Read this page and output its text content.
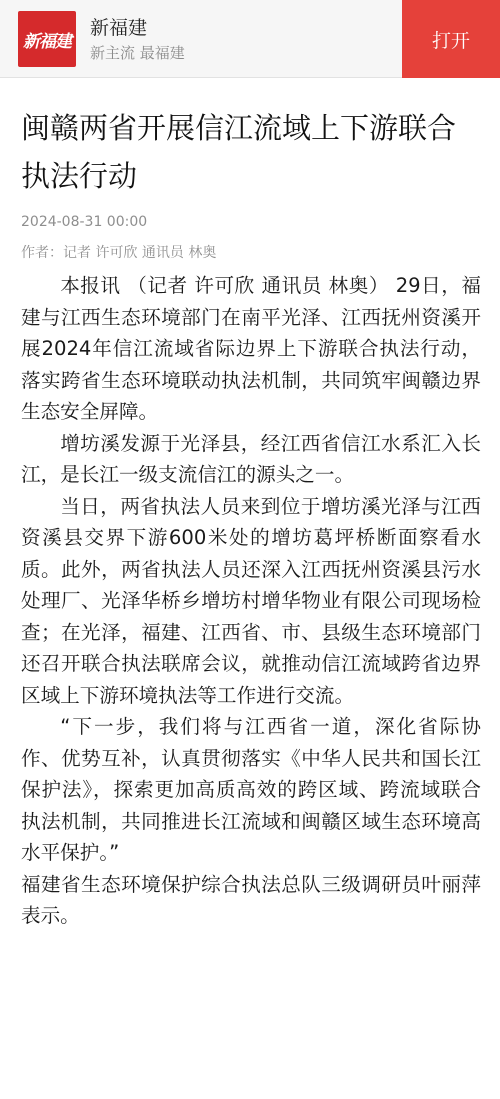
新福建
新福建
新主流 最福建
打开
闽赣两省开展信江流域上下游联合执法行动
2024-08-31 00:00
作者：记者 许可欣 通讯员 林奥

本报讯 （记者 许可欣 通讯员 林奥） 29日，福建与江西生态环境部门在南平光泽、江西抚州资溪开展2024年信江流域省际边界上下游联合执法行动，落实跨省生态环境联动执法机制，共同筑牢闽赣边界生态安全屏障。

增坊溪发源于光泽县，经江西省信江水系汇入长江，是长江一级支流信江的源头之一。

当日，两省执法人员来到位于增坊溪光泽与江西资溪县交界下游600米处的增坊葛坪桥断面察看水质。此外，两省执法人员还深入江西抚州资溪县污水处理厂、光泽华桥乡增坊村增华物业有限公司现场检查；在光泽，福建、江西省、市、县级生态环境部门还召开联合执法联席会议，就推动信江流域跨省边界区域上下游环境执法等工作进行交流。

“下一步，我们将与江西省一道，深化省际协作、优势互补，认真贯彻落实《中华人民共和国长江保护法》，探索更加高质高效的跨区域、跨流域联合执法机制，共同推进长江流域和闽赣区域生态环境高水平保护。”

福建省生态环境保护综合执法总队三级调研员叶丽萍表示。
